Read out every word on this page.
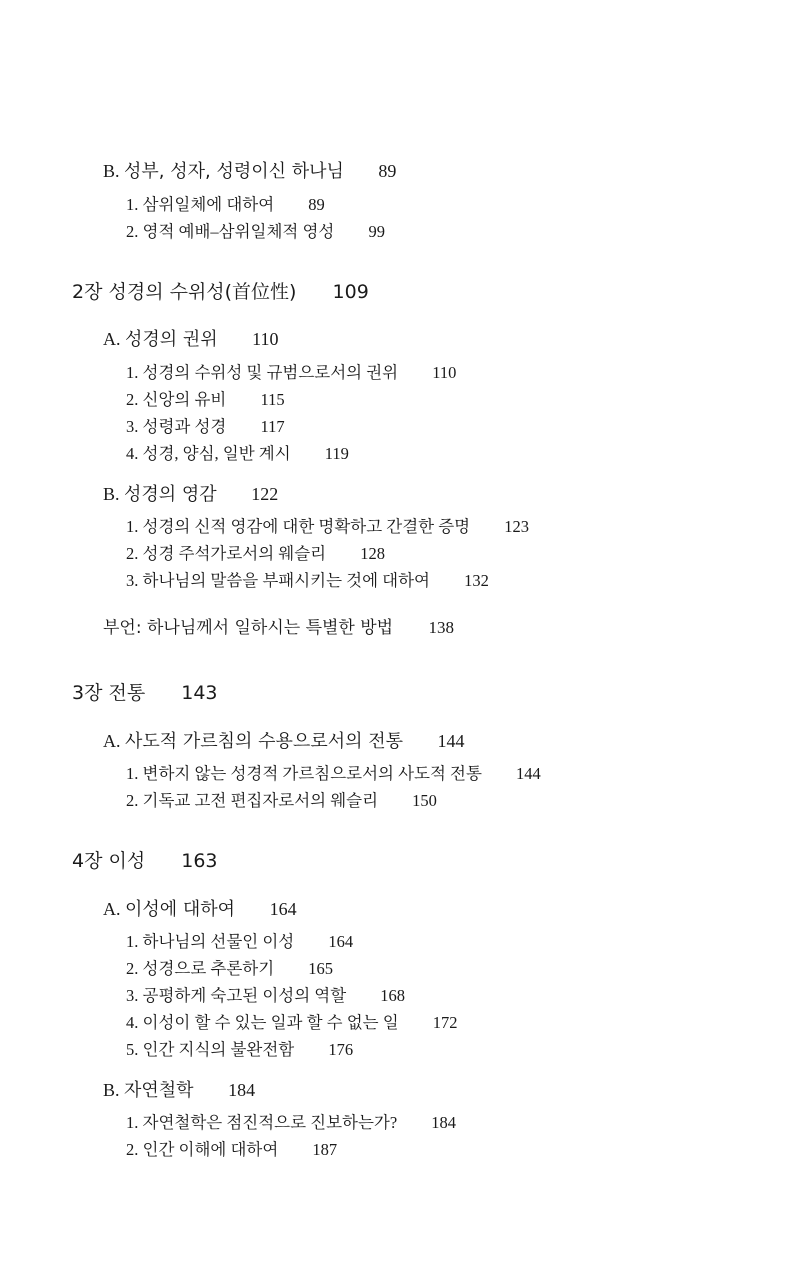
B. 성부, 성자, 성령이신 하나님 89
1. 삼위일체에 대하여 89
2. 영적 예배–삼위일체적 영성 99
2장 성경의 수위성(首位性) 109
A. 성경의 권위 110
1. 성경의 수위성 및 규범으로서의 권위 110
2. 신앙의 유비 115
3. 성령과 성경 117
4. 성경, 양심, 일반 계시 119
B. 성경의 영감 122
1. 성경의 신적 영감에 대한 명확하고 간결한 증명 123
2. 성경 주석가로서의 웨슬리 128
3. 하나님의 말씀을 부패시키는 것에 대하여 132
부언: 하나님께서 일하시는 특별한 방법 138
3장 전통 143
A. 사도적 가르침의 수용으로서의 전통 144
1. 변하지 않는 성경적 가르침으로서의 사도적 전통 144
2. 기독교 고전 편집자로서의 웨슬리 150
4장 이성 163
A. 이성에 대하여 164
1. 하나님의 선물인 이성 164
2. 성경으로 추론하기 165
3. 공평하게 숙고된 이성의 역할 168
4. 이성이 할 수 있는 일과 할 수 없는 일 172
5. 인간 지식의 불완전함 176
B. 자연철학 184
1. 자연철학은 점진적으로 진보하는가? 184
2. 인간 이해에 대하여 187
